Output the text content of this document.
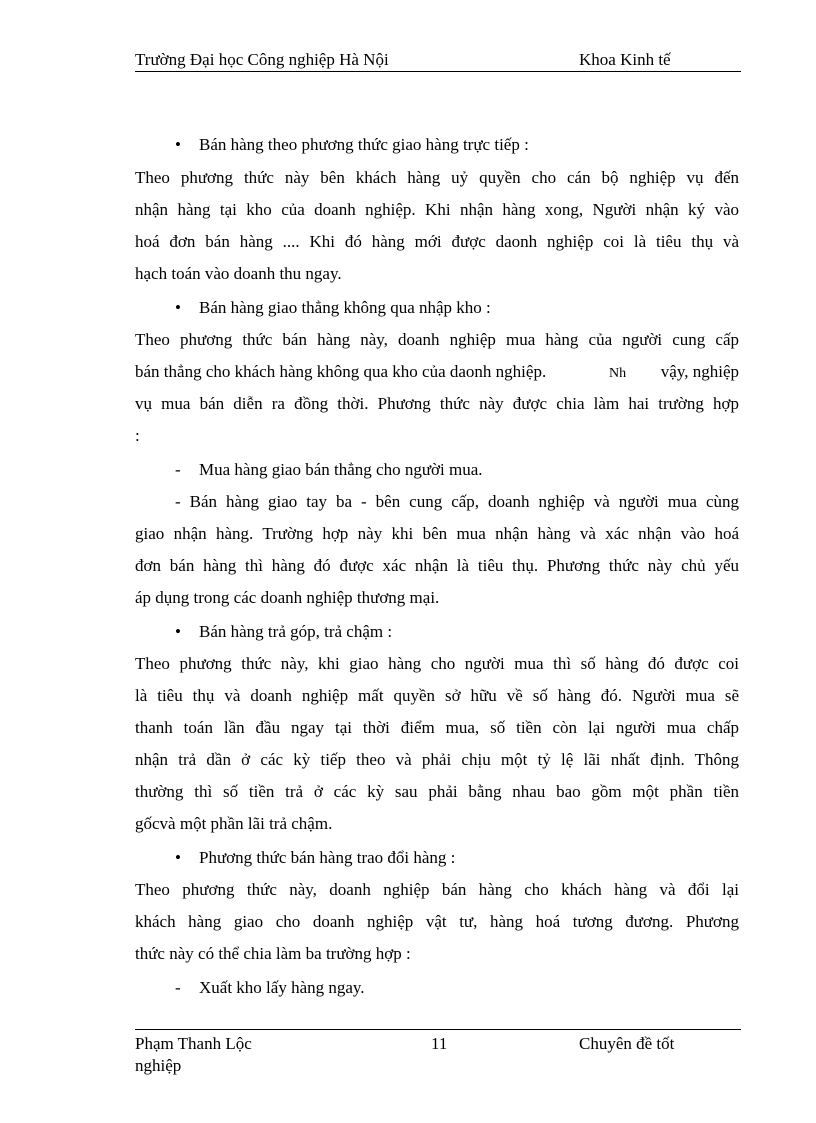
Trường Đại học Công nghiệp Hà Nội	Khoa Kinh tế
• Bán hàng theo phương thức giao hàng trực tiếp :
Theo phương thức này bên khách hàng uỷ quyền cho cán bộ nghiệp vụ đến
nhận hàng tại kho của doanh nghiệp. Khi nhận hàng xong, Người nhận ký vào
hoá đơn bán hàng .... Khi đó hàng mới được daonh nghiệp coi là tiêu thụ và
hạch toán vào doanh thu ngay.
• Bán hàng giao thẳng không qua nhập kho :
Theo phương thức bán hàng này, doanh nghiệp mua hàng của người cung cấp
bán thẳng cho khách hàng không qua kho của daonh nghiệp.	Nh vậy, nghiệp
vụ mua bán diễn ra đồng thời. Phương thức này được chia làm hai trường hợp
:
- Mua hàng giao bán thẳng cho người mua.
- Bán hàng giao tay ba - bên cung cấp, doanh nghiệp và người mua cùng
giao nhận hàng. Trường hợp này khi bên mua nhận hàng và xác nhận vào hoá
đơn bán hàng thì hàng đó được xác nhận là tiêu thụ. Phương thức này chủ yếu
áp dụng trong các doanh nghiệp thương mại.
• Bán hàng trả góp, trả chậm :
Theo phương thức này, khi giao hàng cho người mua thì số hàng đó được coi
là tiêu thụ và doanh nghiệp mất quyền sở hữu về số hàng đó. Người mua sẽ
thanh toán lần đầu ngay tại thời điểm mua, số tiền còn lại người mua chấp
nhận trả dần ở các kỳ tiếp theo và phải chịu một tỷ lệ lãi nhất định. Thông
thường thì số tiền trả ở các kỳ sau phải bằng nhau bao gồm một phần tiền
gốcvà một phần lãi trả chậm.
• Phương thức bán hàng trao đổi hàng :
Theo phương thức này, doanh nghiệp bán hàng cho khách hàng và đổi lại
khách hàng giao cho doanh nghiệp vật tư, hàng hoá tương đương. Phương
thức này có thể chia làm ba trường hợp :
- Xuất kho lấy hàng ngay.
Phạm Thanh Lộc
nghiệp
11	Chuyên đề tốt
